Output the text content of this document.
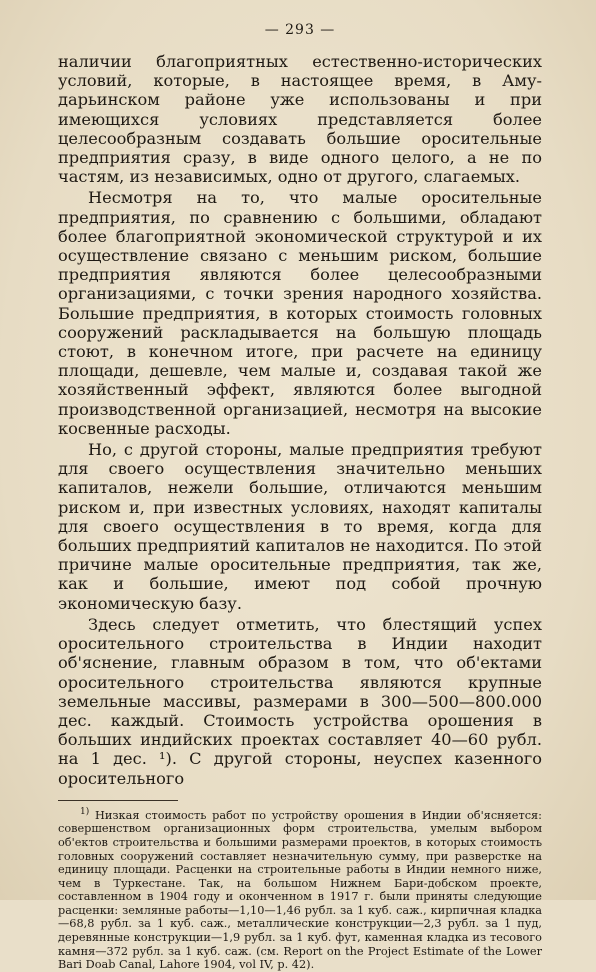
— 293 —

наличии благоприятных естественно-исторических условий, которые, в настоящее время, в Аму-дарьинском районе уже использованы и при имеющихся условиях представляется более целесообразным создавать большие оросительные предприятия сразу, в виде одного целого, а не по частям, из независимых, одно от другого, слагаемых.

Несмотря на то, что малые оросительные предприятия, по сравнению с большими, обладают более благоприятной экономической структурой и их осуществление связано с меньшим риском, большие предприятия являются более целесообразными организациями, с точки зрения народного хозяйства. Большие предприятия, в которых стоимость головных сооружений раскладывается на большую площадь стоют, в конечном итоге, при расчете на единицу площади, дешевле, чем малые и, создавая такой же хозяйственный эффект, являются более выгодной производственной организацией, несмотря на высокие косвенные расходы.

Но, с другой стороны, малые предприятия требуют для своего осуществления значительно меньших капиталов, нежели большие, отличаются меньшим риском и, при известных условиях, находят капиталы для своего осуществления в то время, когда для больших предприятий капиталов не находится. По этой причине малые оросительные предприятия, так же, как и большие, имеют под собой прочную экономическую базу.

Здесь следует отметить, что блестящий успех оросительного строительства в Индии находит об'яснение, главным образом в том, что об'ектами оросительного строительства являются крупные земельные массивы, размерами в 300—500—800.000 дес. каждый. Стоимость устройства орошения в больших индийских проектах составляет 40—60 рубл. на 1 дес. ¹). С другой стороны, неуспех казенного оросительного

$^{1)}$ Низкая стоимость работ по устройству орошения в Индии об'ясняется: совершенством организационных форм строительства, умелым выбором об'ектов строительства и большими размерами проектов, в которых стоимость головных сооружений составляет незначительную сумму, при разверстке на единицу площади. Расценки на строительные работы в Индии немного ниже, чем в Туркестане. Так, на большом Нижнем Бари-добском проекте, составленном в 1904 году и оконченном в 1917 г. были приняты следующие расценки: земляные работы—1,10—1,46 рубл. за 1 куб. саж., кирпичная кладка—68,8 рубл. за 1 куб. саж., металлические конструкции—2,3 рубл. за 1 пуд, деревянные конструкции—1,9 рубл. за 1 куб. фут, каменная кладка из тесового камня—372 рубл. за 1 куб. саж. (см. Report on the Project Estimate of the Lower Bari Doab Canal, Lahore 1904, vol IV, p. 42).
